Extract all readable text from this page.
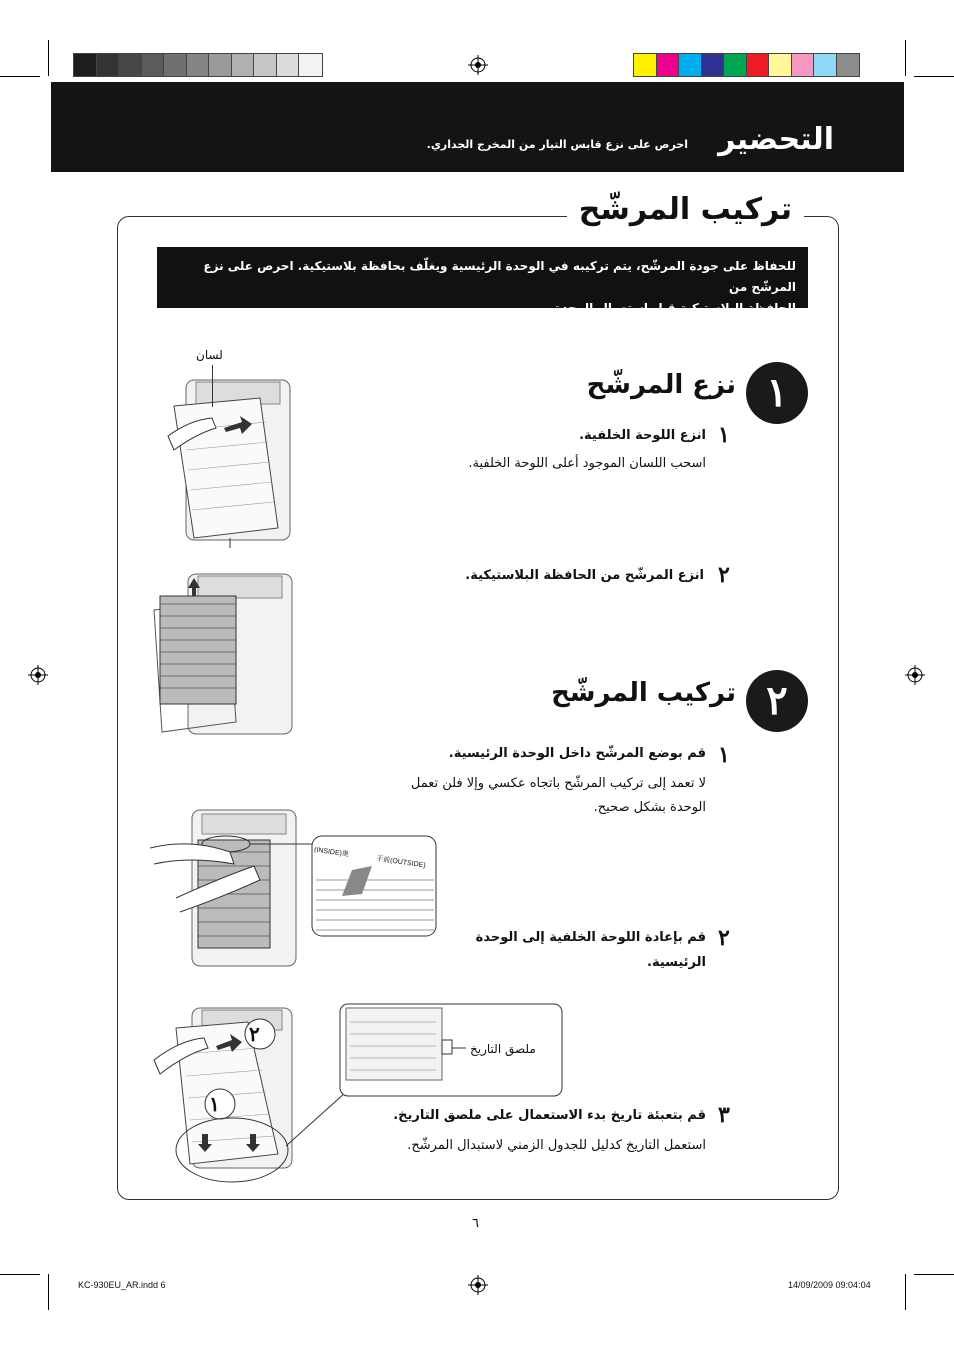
التحضير
احرص على نزع قابس التيار من المخرج الجداري.
تركيب المرشّح
للحفاظ على جودة المرشّح، يتم تركيبه في الوحدة الرئيسية ويغلّف بحافظة بلاستيكية. احرص على نزع المرشّح من
الحافظة البلاستيكية قبل استعمال الوحدة.
١
نزع المرشّح
١
انزع اللوحة الخلفية.
اسحب اللسان الموجود أعلى اللوحة الخلفية.
٢
انزع المرشّح من الحافظة البلاستيكية.
٢
تركيب المرشّح
١
قم بوضع المرشّح داخل الوحدة الرئيسية.
لا تعمد إلى تركيب المرشّح باتجاه عكسي وإلا فلن تعمل
الوحدة بشكل صحيح.
٢
قم بإعادة اللوحة الخلفية إلى الوحدة
الرئيسية.
٣
قم بتعبئة تاريخ بدء الاستعمال على ملصق التاريخ.
استعمل التاريخ كدليل للجدول الزمني لاستبدال المرشّح.
لسان
(INSIDE)奥
手前(OUTSIDE)
٢
١
ملصق التاريخ
٦
KC-930EU_AR.indd 6	14/09/2009 09:04:04
